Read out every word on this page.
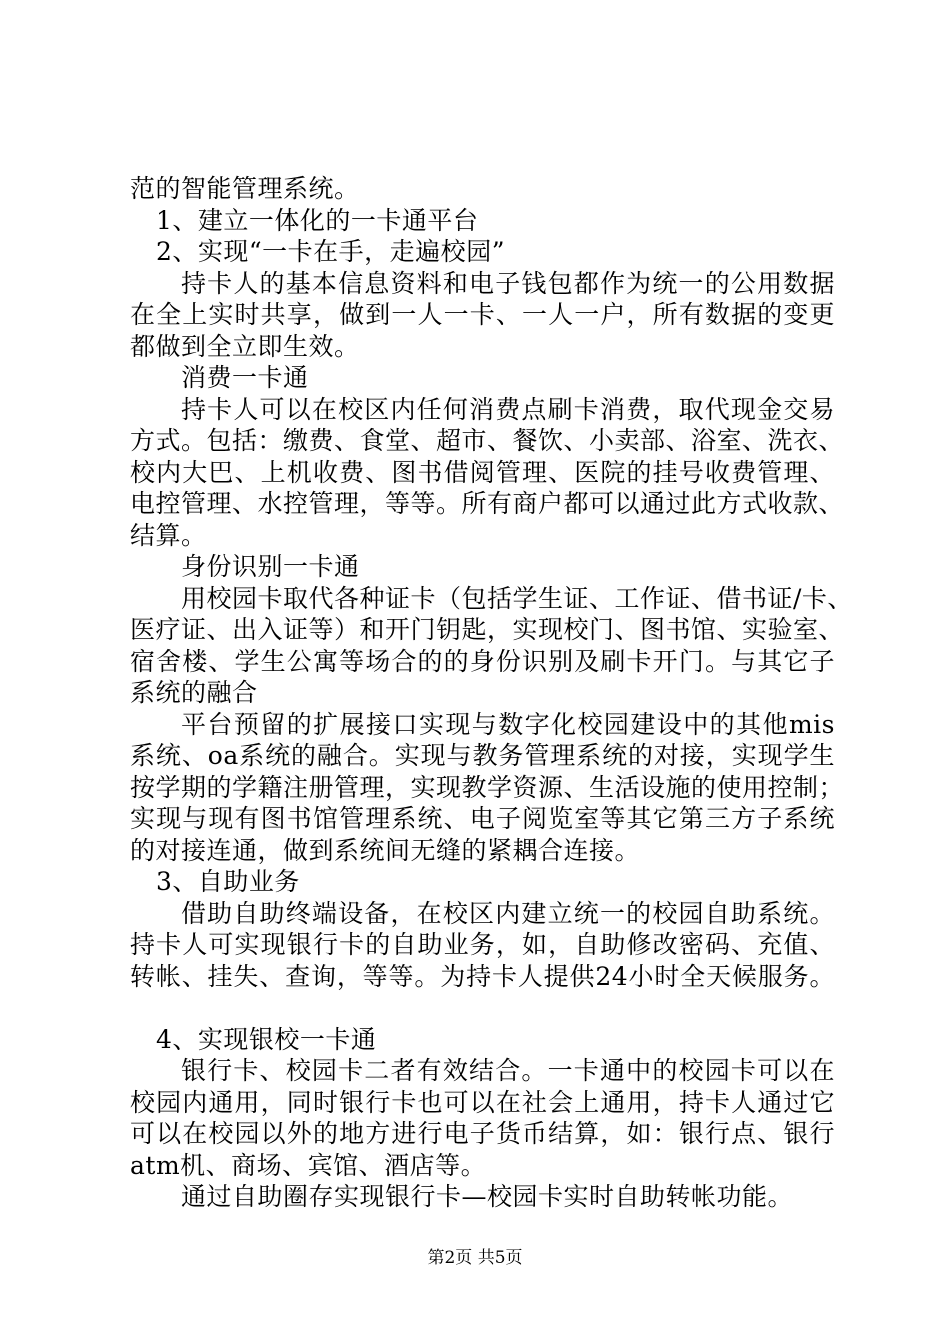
范的智能管理系统。
1、建立一体化的一卡通平台
2、实现“一卡在手，走遍校园”
持卡人的基本信息资料和电子钱包都作为统一的公用数据
在全上实时共享，做到一人一卡、一人一户，所有数据的变更
都做到全立即生效。
消费一卡通
持卡人可以在校区内任何消费点刷卡消费，取代现金交易
方式。包括：缴费、食堂、超市、餐饮、小卖部、浴室、洗衣、
校内大巴、上机收费、图书借阅管理、医院的挂号收费管理、
电控管理、水控管理，等等。所有商户都可以通过此方式收款、
结算。
身份识别一卡通
用校园卡取代各种证卡（包括学生证、工作证、借书证/卡、
医疗证、出入证等）和开门钥匙，实现校门、图书馆、实验室、
宿舍楼、学生公寓等场合的的身份识别及刷卡开门。与其它子
系统的融合
平台预留的扩展接口实现与数字化校园建设中的其他mis
系统、oa系统的融合。实现与教务管理系统的对接，实现学生
按学期的学籍注册管理，实现教学资源、生活设施的使用控制；
实现与现有图书馆管理系统、电子阅览室等其它第三方子系统
的对接连通，做到系统间无缝的紧耦合连接。
3、自助业务
借助自助终端设备，在校区内建立统一的校园自助系统。
持卡人可实现银行卡的自助业务，如，自助修改密码、充值、
转帐、挂失、查询，等等。为持卡人提供24小时全天候服务。
4、实现银校一卡通
银行卡、校园卡二者有效结合。一卡通中的校园卡可以在
校园内通用，同时银行卡也可以在社会上通用，持卡人通过它
可以在校园以外的地方进行电子货币结算，如：银行点、银行
atm机、商场、宾馆、酒店等。
通过自助圈存实现银行卡—校园卡实时自助转帐功能。
第2页 共5页
